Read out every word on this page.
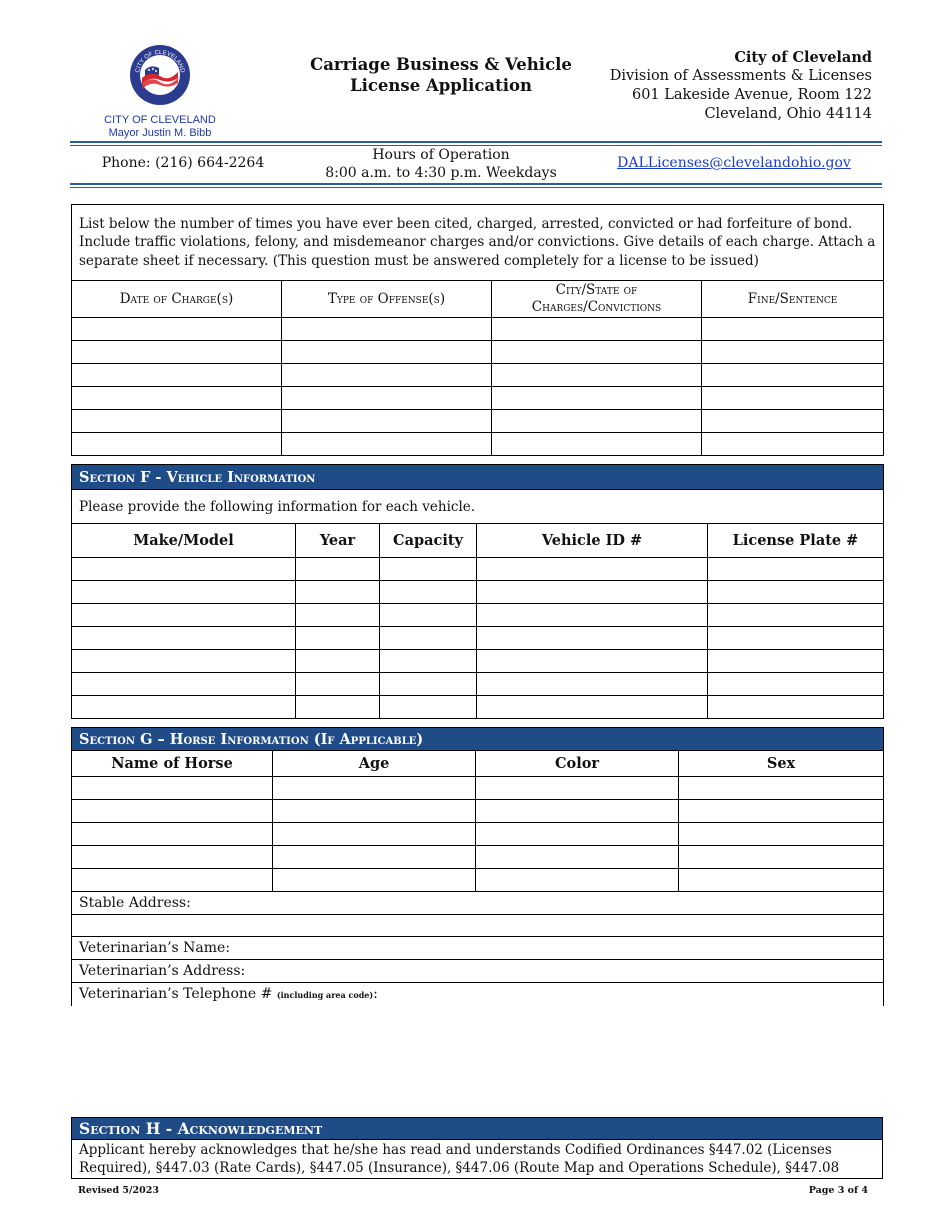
CITY OF CLEVELAND
CITY OF CLEVELAND
Mayor Justin M. Bibb
Carriage Business & Vehicle
License Application
City of Cleveland
Division of Assessments & Licenses
601 Lakeside Avenue, Room 122
Cleveland, Ohio 44114
Phone: (216) 664-2264	Hours of Operation
8:00 a.m. to 4:30 p.m. Weekdays
DALLicenses@clevelandohio.gov
List below the number of times you have ever been cited, charged, arrested, convicted or had forfeiture of bond. Include traffic violations, felony, and misdemeanor charges and/or convictions. Give details of each charge. Attach a separate sheet if necessary. (This question must be answered completely for a license to be issued)			
Date of Charge(s)	Type of Offense(s)	City/State of
Charges/Convictions	Fine/Sentence

Section F - Vehicle Information				
Please provide the following information for each vehicle.				
Make/Model	Year	Capacity	Vehicle ID #	License Plate #

Section G – Horse Information (If Applicable)			
Name of Horse	Age	Color	Sex

Stable Address:			

Veterinarian’s Name:			
Veterinarian’s Address:			
Veterinarian’s Telephone # (including area code):			
Section H - Acknowledgement
Applicant hereby acknowledges that he/she has read and understands Codified Ordinances §447.02 (Licenses Required), §447.03 (Rate Cards), §447.05 (Insurance), §447.06 (Route Map and Operations Schedule), §447.08
Revised 5/2023	Page 3 of 4
